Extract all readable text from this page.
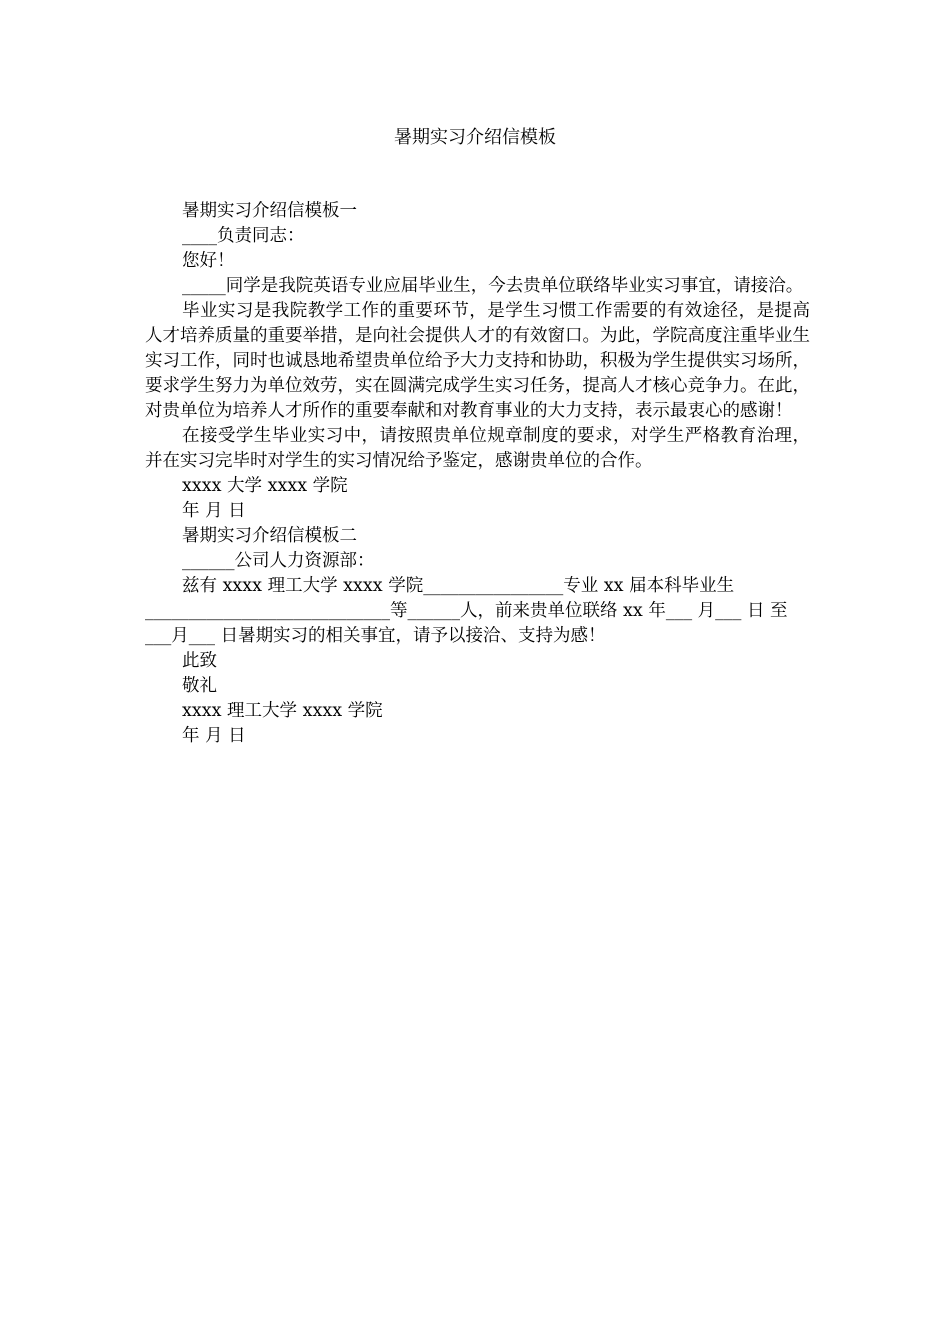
暑期实习介绍信模板

暑期实习介绍信模板一

____负责同志：

您好！

_____同学是我院英语专业应届毕业生，今去贵单位联络毕业实习事宜，请接洽。

毕业实习是我院教学工作的重要环节，是学生习惯工作需要的有效途径，是提高人才培养质量的重要举措，是向社会提供人才的有效窗口。为此，学院高度注重毕业生实习工作，同时也诚恳地希望贵单位给予大力支持和协助，积极为学生提供实习场所，要求学生努力为单位效劳，实在圆满完成学生实习任务，提高人才核心竞争力。在此，对贵单位为培养人才所作的重要奉献和对教育事业的大力支持，表示最衷心的感谢！

在接受学生毕业实习中，请按照贵单位规章制度的要求，对学生严格教育治理，并在实习完毕时对学生的实习情况给予鉴定，感谢贵单位的合作。

xxxx 大学 xxxx 学院

年 月 日

暑期实习介绍信模板二

______公司人力资源部：

兹有 xxxx 理工大学 xxxx 学院________________专业 xx 届本科毕业生____________________________等______人，前来贵单位联络 xx 年___ 月___ 日 至 ___月___ 日暑期实习的相关事宜，请予以接洽、支持为感！

此致

敬礼

xxxx 理工大学 xxxx 学院

年 月 日
